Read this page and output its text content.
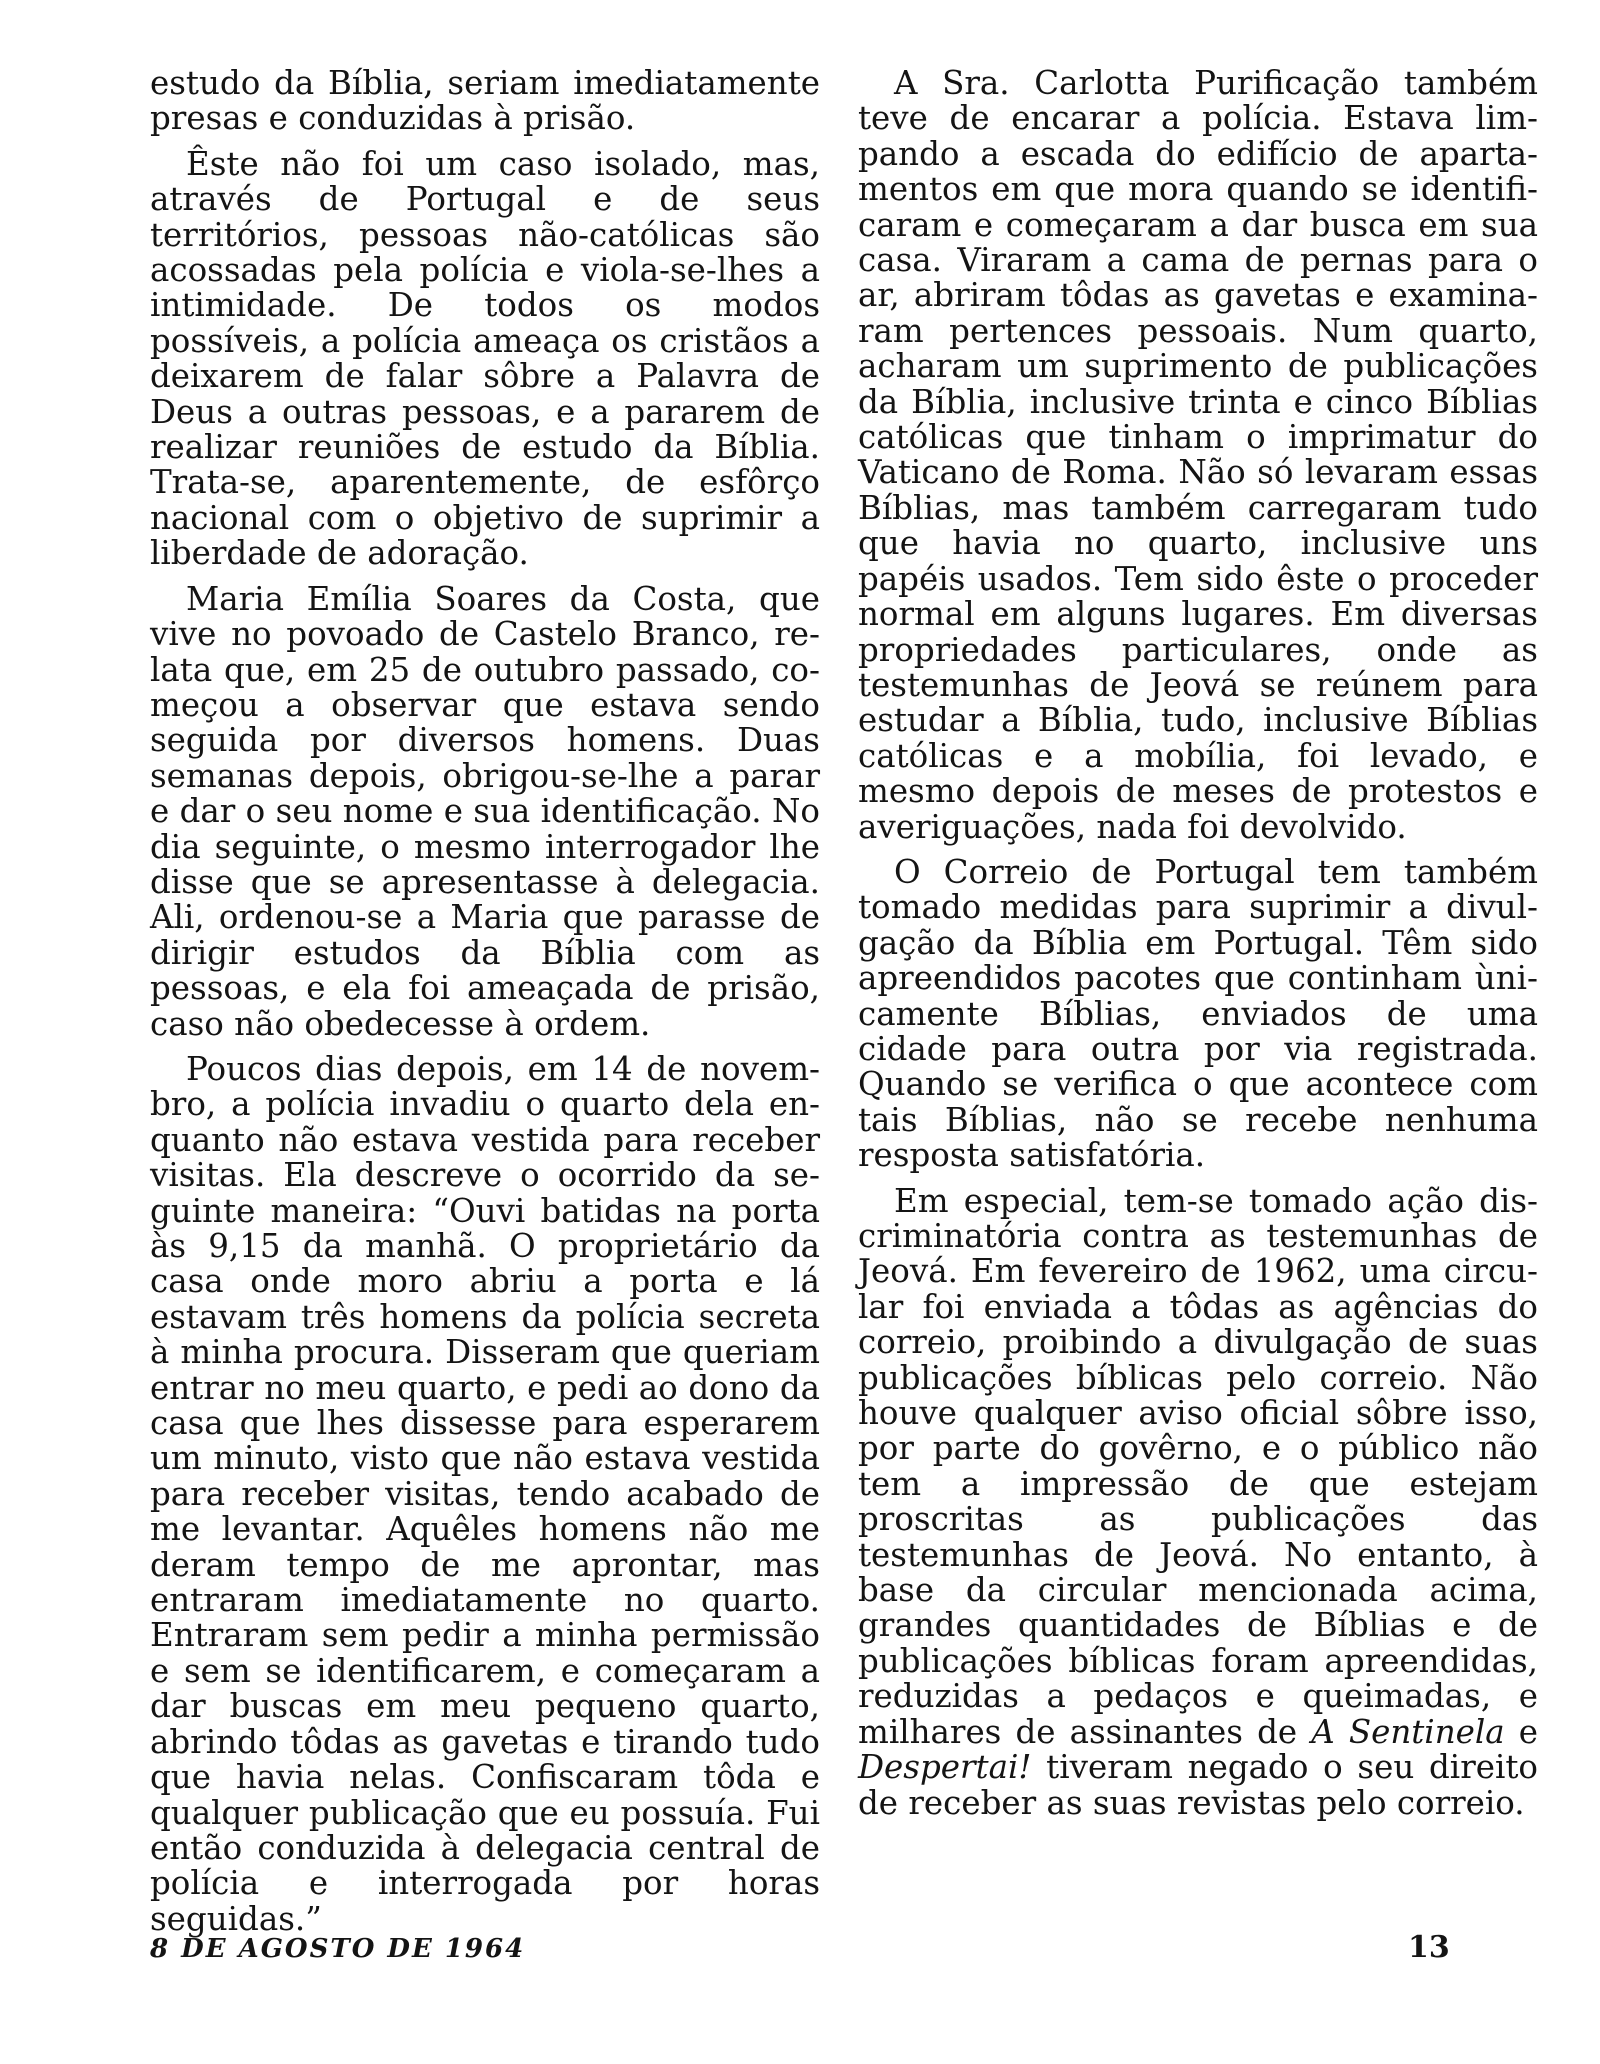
estudo da Bíblia, seriam imediatamente presas e conduzidas à prisão.

Êste não foi um caso isolado, mas, através de Portugal e de seus territórios, pessoas não-católicas são acossadas pela polícia e viola-se-lhes a intimidade. De todos os modos possíveis, a polícia ameaça os cristãos a deixarem de falar sôbre a Palavra de Deus a outras pessoas, e a pararem de realizar reuniões de estudo da Bíblia. Trata-se, aparentemente, de esfôrço nacional com o objetivo de suprimir a liberdade de adoração.

Maria Emília Soares da Costa, que vive no povoado de Castelo Branco, relata que, em 25 de outubro passado, começou a observar que estava sendo seguida por diversos homens. Duas semanas depois, obrigou-se-lhe a parar e dar o seu nome e sua identificação. No dia seguinte, o mesmo interrogador lhe disse que se apresentasse à delegacia. Ali, ordenou-se a Maria que parasse de dirigir estudos da Bíblia com as pessoas, e ela foi ameaçada de prisão, caso não obedecesse à ordem.

Poucos dias depois, em 14 de novembro, a polícia invadiu o quarto dela enquanto não estava vestida para receber visitas. Ela descreve o ocorrido da seguinte maneira: “Ouvi batidas na porta às 9,15 da manhã. O proprietário da casa onde moro abriu a porta e lá estavam três homens da polícia secreta à minha procura. Disseram que queriam entrar no meu quarto, e pedi ao dono da casa que lhes dissesse para esperarem um minuto, visto que não estava vestida para receber visitas, tendo acabado de me levantar. Aquêles homens não me deram tempo de me aprontar, mas entraram imediatamente no quarto. Entraram sem pedir a minha permissão e sem se identificarem, e começaram a dar buscas em meu pequeno quarto, abrindo tôdas as gavetas e tirando tudo que havia nelas. Confiscaram tôda e qualquer publicação que eu possuía. Fui então conduzida à delegacia central de polícia e interrogada por horas seguidas.”

A Sra. Carlotta Purificação também teve de encarar a polícia. Estava limpando a escada do edifício de apartamentos em que mora quando se identificaram e começaram a dar busca em sua casa. Viraram a cama de pernas para o ar, abriram tôdas as gavetas e examinaram pertences pessoais. Num quarto, acharam um suprimento de publicações da Bíblia, inclusive trinta e cinco Bíblias católicas que tinham o imprimatur do Vaticano de Roma. Não só levaram essas Bíblias, mas também carregaram tudo que havia no quarto, inclusive uns papéis usados. Tem sido êste o proceder normal em alguns lugares. Em diversas propriedades particulares, onde as testemunhas de Jeová se reúnem para estudar a Bíblia, tudo, inclusive Bíblias católicas e a mobília, foi levado, e mesmo depois de meses de protestos e averiguações, nada foi devolvido.

O Correio de Portugal tem também tomado medidas para suprimir a divulgação da Bíblia em Portugal. Têm sido apreendidos pacotes que continham ùnicamente Bíblias, enviados de uma cidade para outra por via registrada. Quando se verifica o que acontece com tais Bíblias, não se recebe nenhuma resposta satisfatória.

Em especial, tem-se tomado ação discriminatória contra as testemunhas de Jeová. Em fevereiro de 1962, uma circular foi enviada a tôdas as agências do correio, proibindo a divulgação de suas publicações bíblicas pelo correio. Não houve qualquer aviso oficial sôbre isso, por parte do govêrno, e o público não tem a impressão de que estejam proscritas as publicações das testemunhas de Jeová. No entanto, à base da circular mencionada acima, grandes quantidades de Bíblias e de publicações bíblicas foram apreendidas, reduzidas a pedaços e queimadas, e milhares de assinantes de A Sentinela e Despertai! tiveram negado o seu direito de receber as suas revistas pelo correio.

8 DE AGOSTO DE 1964	13
